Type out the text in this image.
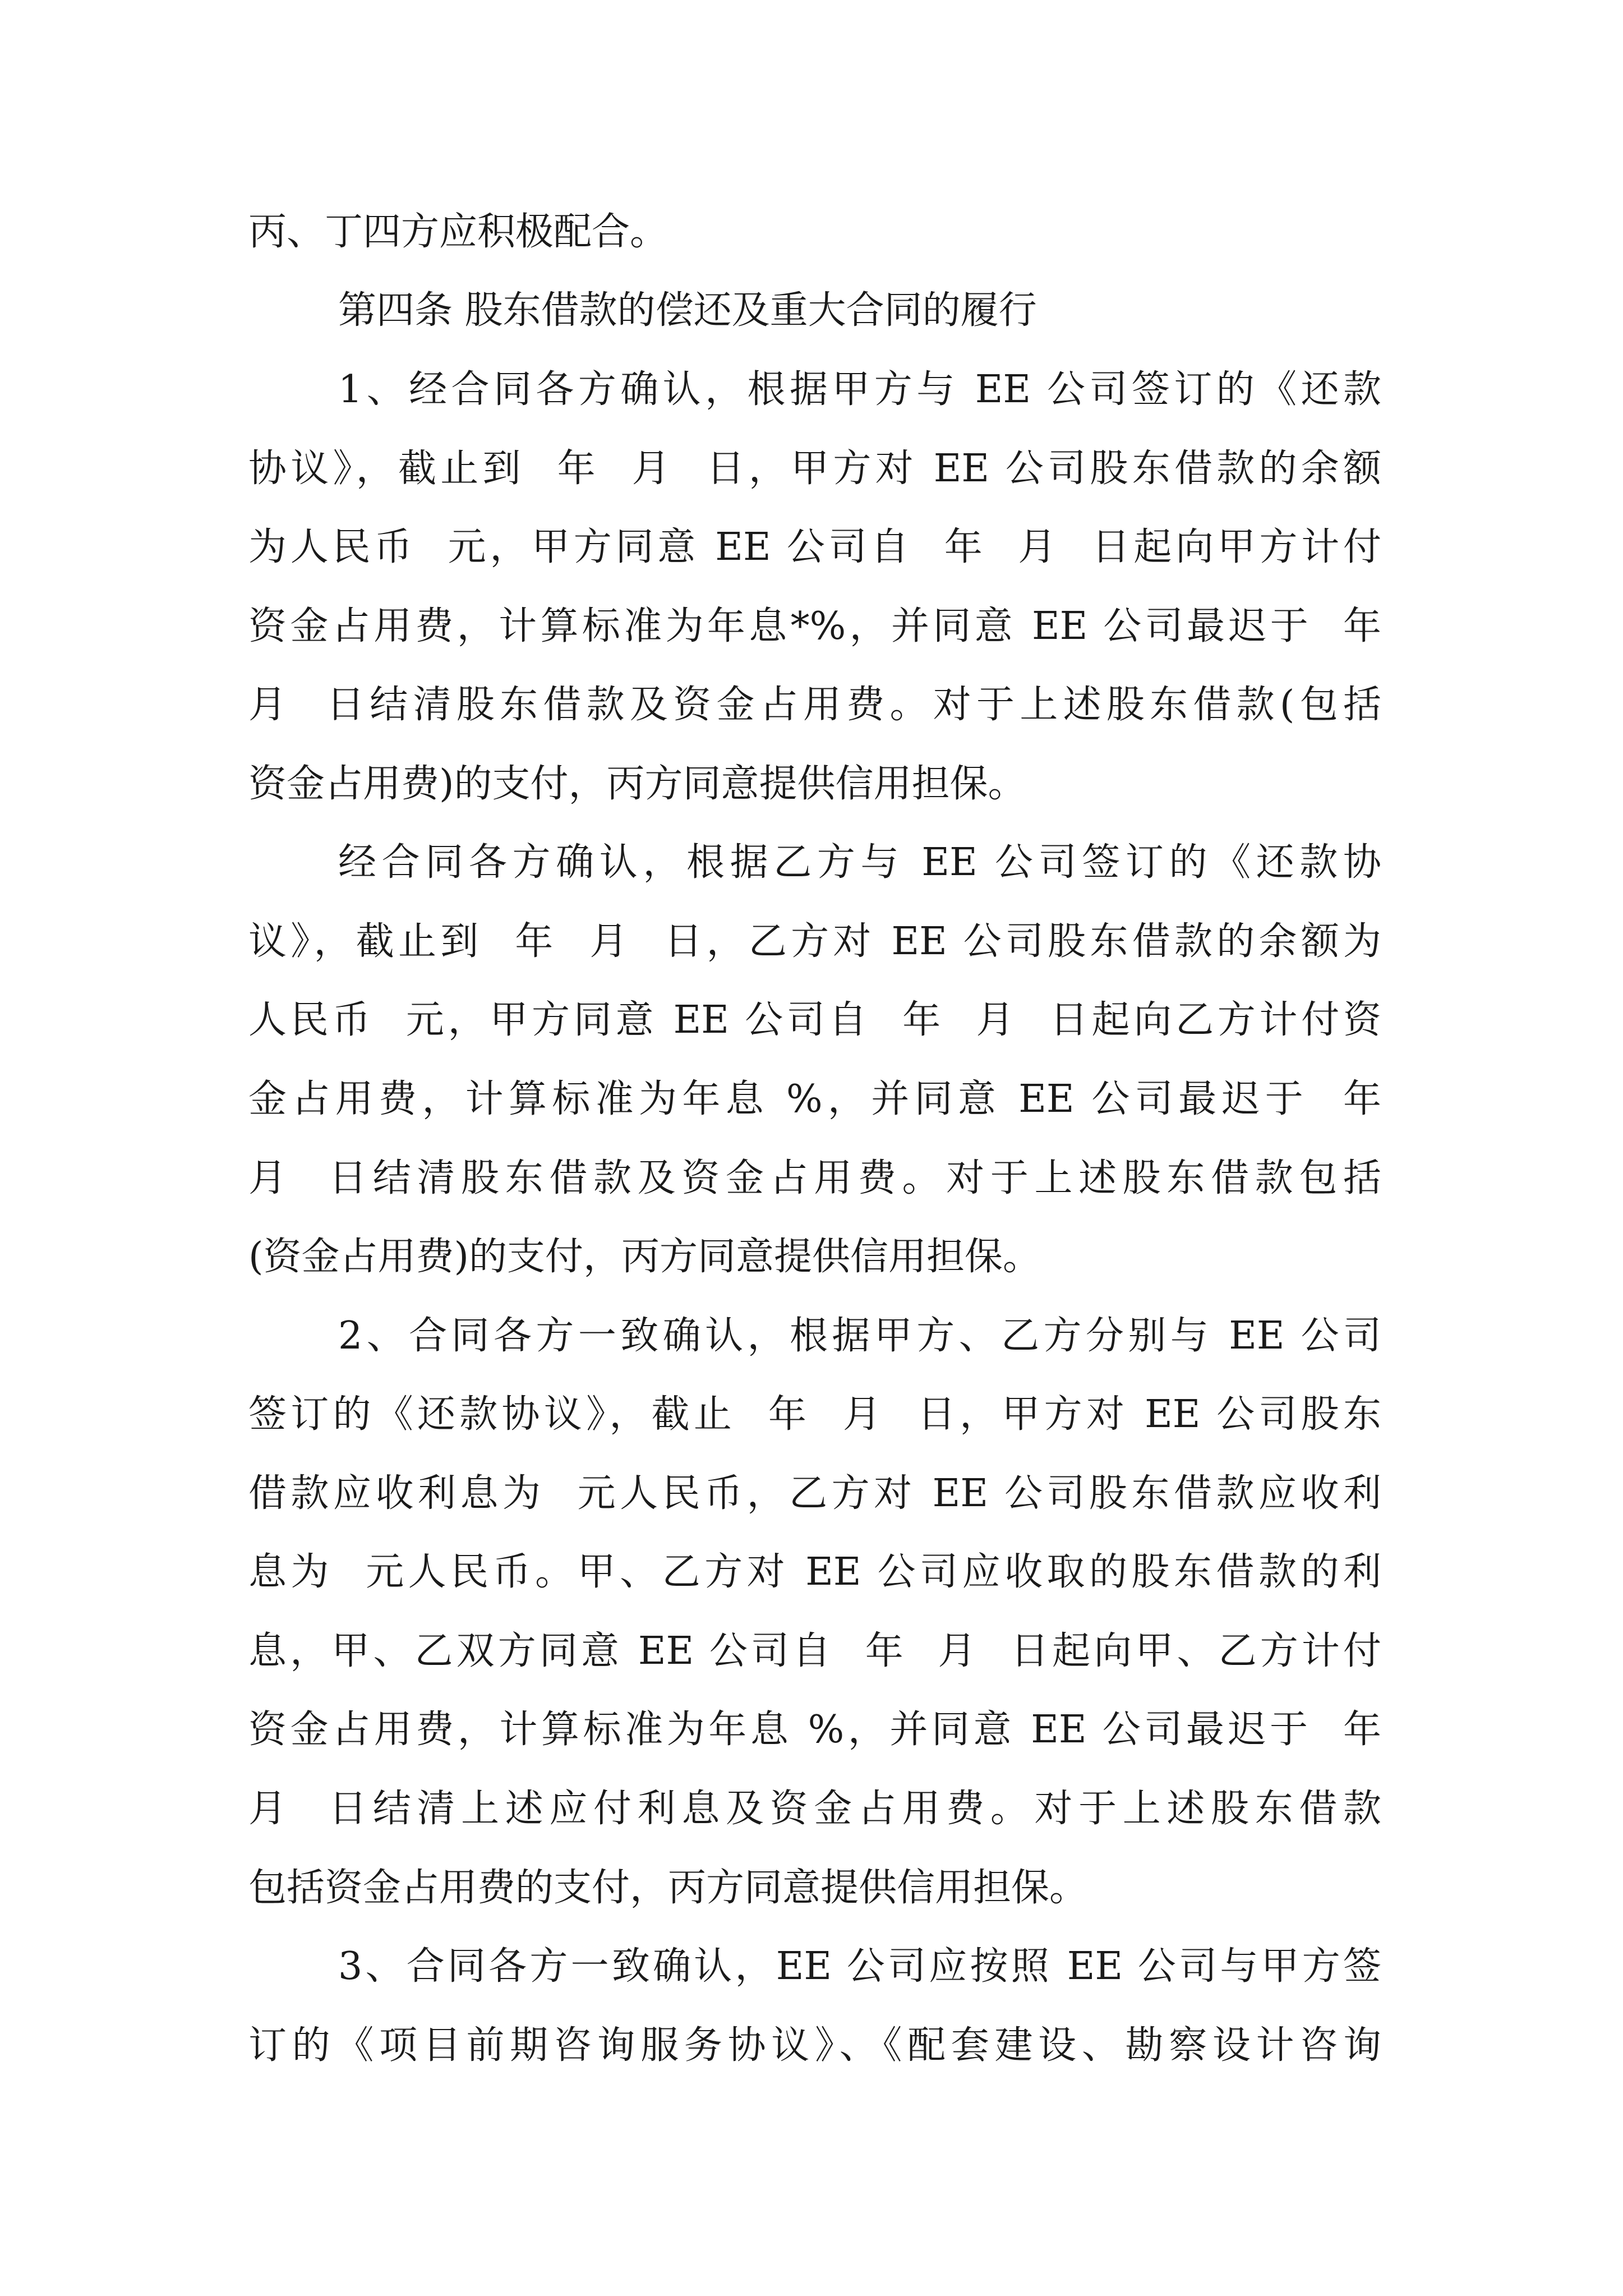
丙、丁四方应积极配合。
第四条 股东借款的偿还及重大合同的履行
1、经合同各方确认，根据甲方与 EE 公司签订的《还款
协议》，截止到  年  月  日，甲方对 EE 公司股东借款的余额
为人民币  元，甲方同意 EE 公司自  年  月  日起向甲方计付
资金占用费，计算标准为年息*%，并同意 EE 公司最迟于  年
月  日结清股东借款及资金占用费。对于上述股东借款(包括
资金占用费)的支付，丙方同意提供信用担保。
经合同各方确认，根据乙方与 EE 公司签订的《还款协
议》，截止到  年  月  日，乙方对 EE 公司股东借款的余额为
人民币  元，甲方同意 EE 公司自  年  月  日起向乙方计付资
金占用费，计算标准为年息 %，并同意 EE 公司最迟于  年
月  日结清股东借款及资金占用费。对于上述股东借款包括
(资金占用费)的支付，丙方同意提供信用担保。
2、合同各方一致确认，根据甲方、乙方分别与 EE 公司
签订的《还款协议》，截止  年  月  日，甲方对 EE 公司股东
借款应收利息为  元人民币，乙方对 EE 公司股东借款应收利
息为  元人民币。甲、乙方对 EE 公司应收取的股东借款的利
息，甲、乙双方同意 EE 公司自  年  月  日起向甲、乙方计付
资金占用费，计算标准为年息 %，并同意 EE 公司最迟于  年
月  日结清上述应付利息及资金占用费。对于上述股东借款
包括资金占用费的支付，丙方同意提供信用担保。
3、合同各方一致确认，EE 公司应按照 EE 公司与甲方签
订的《项目前期咨询服务协议》、《配套建设、勘察设计咨询
